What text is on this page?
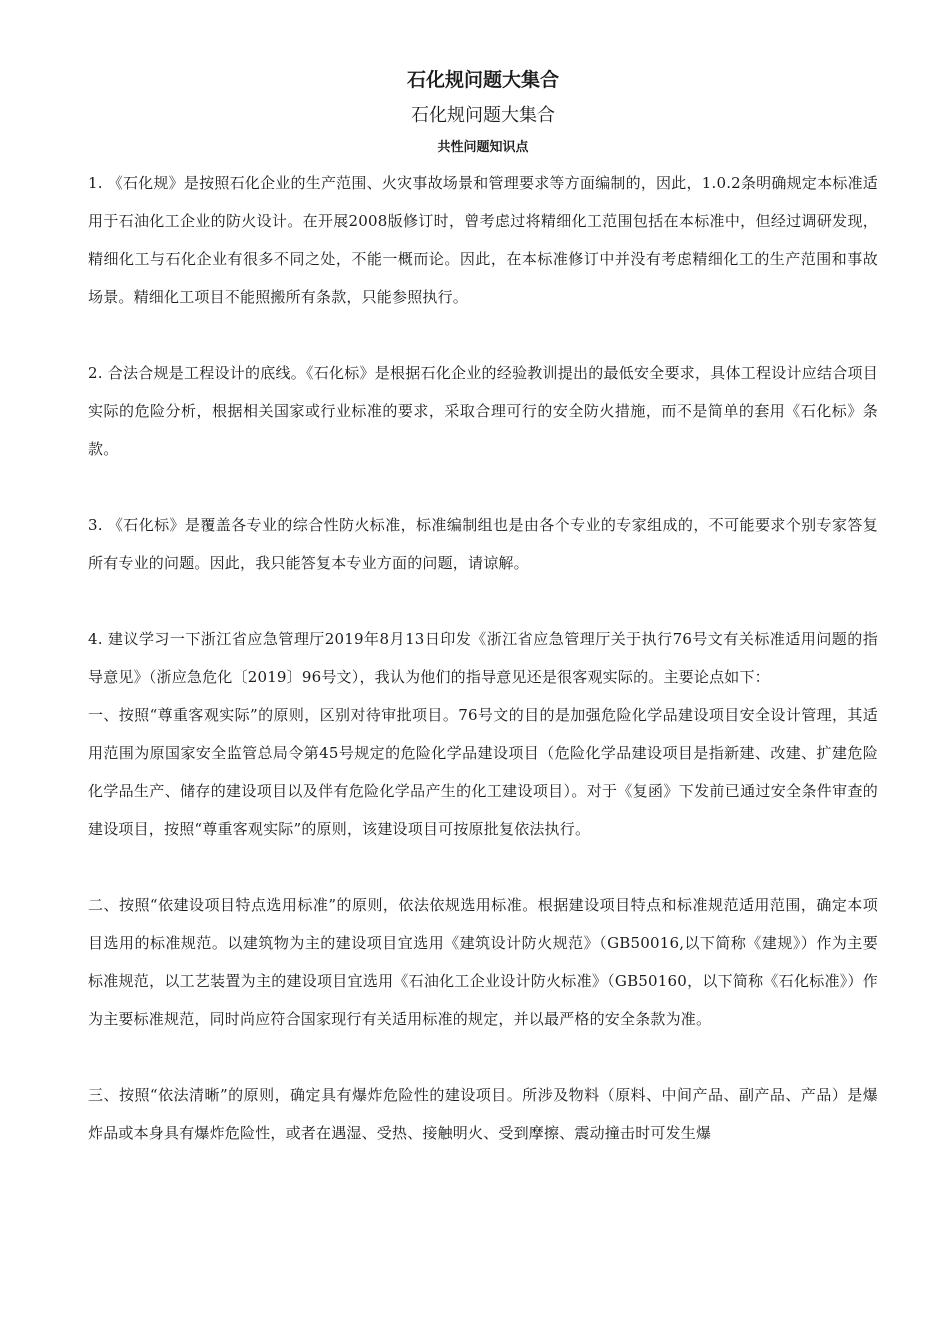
石化规问题大集合
石化规问题大集合
共性问题知识点

1. 《石化规》是按照石化企业的生产范围、火灾事故场景和管理要求等方面编制的，因此，1.0.2条明确规定本标准适用于石油化工企业的防火设计。在开展2008版修订时，曾考虑过将精细化工范围包括在本标准中，但经过调研发现，精细化工与石化企业有很多不同之处，不能一概而论。因此，在本标准修订中并没有考虑精细化工的生产范围和事故场景。精细化工项目不能照搬所有条款，只能参照执行。

2. 合法合规是工程设计的底线。《石化标》是根据石化企业的经验教训提出的最低安全要求，具体工程设计应结合项目实际的危险分析，根据相关国家或行业标准的要求，采取合理可行的安全防火措施，而不是简单的套用《石化标》条款。

3. 《石化标》是覆盖各专业的综合性防火标准，标准编制组也是由各个专业的专家组成的，不可能要求个别专家答复所有专业的问题。因此，我只能答复本专业方面的问题，请谅解。

4. 建议学习一下浙江省应急管理厅2019年8月13日印发《浙江省应急管理厅关于执行76号文有关标准适用问题的指导意见》（浙应急危化〔2019〕96号文），我认为他们的指导意见还是很客观实际的。主要论点如下：

一、按照“尊重客观实际”的原则，区别对待审批项目。76号文的目的是加强危险化学品建设项目安全设计管理，其适用范围为原国家安全监管总局令第45号规定的危险化学品建设项目（危险化学品建设项目是指新建、改建、扩建危险化学品生产、储存的建设项目以及伴有危险化学品产生的化工建设项目）。对于《复函》下发前已通过安全条件审查的建设项目，按照“尊重客观实际”的原则，该建设项目可按原批复依法执行。

二、按照“依建设项目特点选用标准”的原则，依法依规选用标准。根据建设项目特点和标准规范适用范围，确定本项目选用的标准规范。以建筑物为主的建设项目宜选用《建筑设计防火规范》（GB50016,以下简称《建规》）作为主要标准规范，以工艺装置为主的建设项目宜选用《石油化工企业设计防火标准》（GB50160，以下简称《石化标准》）作为主要标准规范，同时尚应符合国家现行有关适用标准的规定，并以最严格的安全条款为准。

三、按照“依法清晰”的原则，确定具有爆炸危险性的建设项目。所涉及物料（原料、中间产品、副产品、产品）是爆炸品或本身具有爆炸危险性，或者在遇湿、受热、接触明火、受到摩擦、震动撞击时可发生爆
